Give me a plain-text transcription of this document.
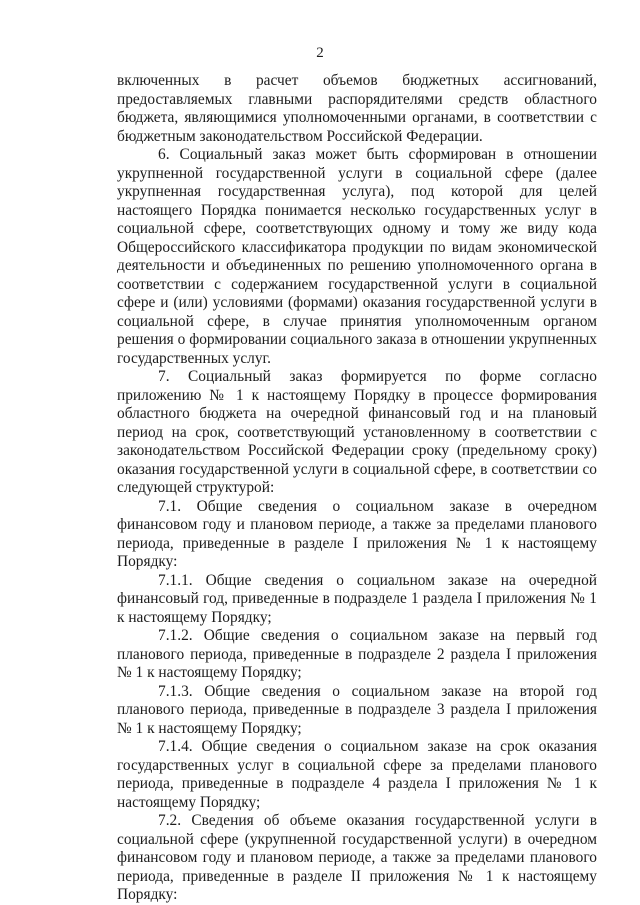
2

включенных в расчет объемов бюджетных ассигнований, предоставляемых главными распорядителями средств областного бюджета, являющимися уполномоченными органами, в соответствии с бюджетным законодательством Российской Федерации.

6. Социальный заказ может быть сформирован в отношении укрупненной государственной услуги в социальной сфере (далее укрупненная государственная услуга), под которой для целей настоящего Порядка понимается несколько государственных услуг в социальной сфере, соответствующих одному и тому же виду кода Общероссийского классификатора продукции по видам экономической деятельности и объединенных по решению уполномоченного органа в соответствии с содержанием государственной услуги в социальной сфере и (или) условиями (формами) оказания государственной услуги в социальной сфере, в случае принятия уполномоченным органом решения о формировании социального заказа в отношении укрупненных государственных услуг.

7. Социальный заказ формируется по форме согласно приложению № 1 к настоящему Порядку в процессе формирования областного бюджета на очередной финансовый год и на плановый период на срок, соответствующий установленному в соответствии с законодательством Российской Федерации сроку (предельному сроку) оказания государственной услуги в социальной сфере, в соответствии со следующей структурой:

7.1. Общие сведения о социальном заказе в очередном финансовом году и плановом периоде, а также за пределами планового периода, приведенные в разделе I приложения № 1 к настоящему Порядку:

7.1.1. Общие сведения о социальном заказе на очередной финансовый год, приведенные в подразделе 1 раздела I приложения № 1 к настоящему Порядку;

7.1.2. Общие сведения о социальном заказе на первый год планового периода, приведенные в подразделе 2 раздела I приложения № 1 к настоящему Порядку;

7.1.3. Общие сведения о социальном заказе на второй год планового периода, приведенные в подразделе 3 раздела I приложения № 1 к настоящему Порядку;

7.1.4. Общие сведения о социальном заказе на срок оказания государственных услуг в социальной сфере за пределами планового периода, приведенные в подразделе 4 раздела I приложения № 1 к настоящему Порядку;

7.2. Сведения об объеме оказания государственной услуги в социальной сфере (укрупненной государственной услуги) в очередном финансовом году и плановом периоде, а также за пределами планового периода, приведенные в разделе II приложения № 1 к настоящему Порядку:
